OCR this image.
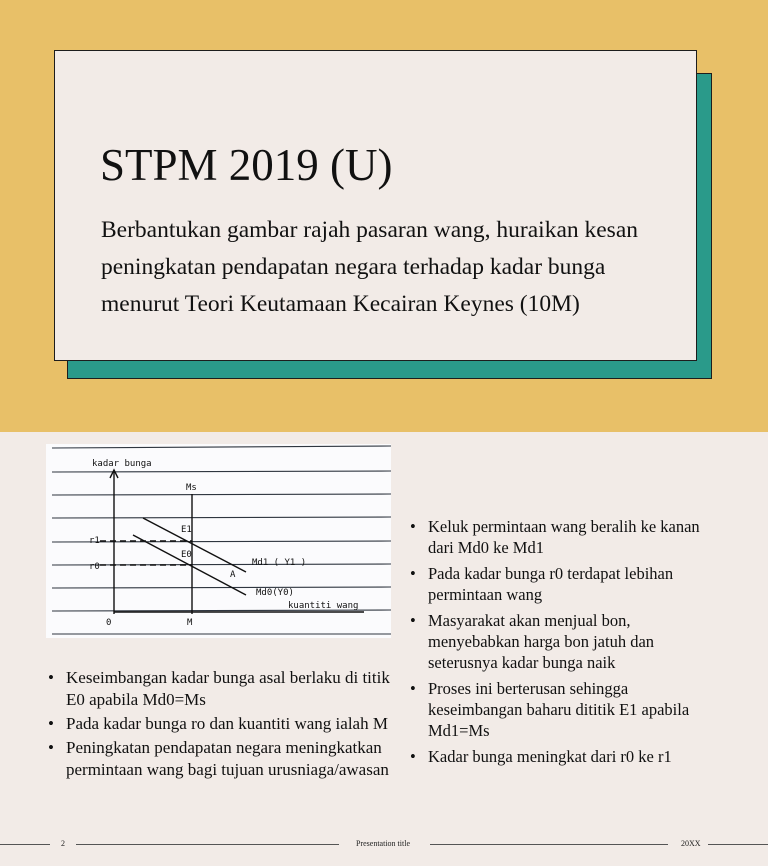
STPM 2019 (U)
Berbantukan gambar rajah pasaran wang, huraikan kesan peningkatan pendapatan negara terhadap kadar bunga menurut Teori Keutamaan Kecairan Keynes (10M)
kadar bunga
Ms
E1
E0
A
Md1 ( Y1 )
Md0(Y0)
kuantiti wang
r1
r0
0	M
• Keseimbangan kadar bunga asal berlaku di titik E0 apabila Md0=Ms
• Pada kadar bunga ro dan kuantiti wang ialah M
• Peningkatan pendapatan negara meningkatkan permintaan wang bagi tujuan urusniaga/awasan
• Keluk permintaan wang beralih ke kanan dari Md0 ke Md1
• Pada kadar bunga r0 terdapat lebihan permintaan wang
• Masyarakat akan menjual bon, menyebabkan harga bon jatuh dan seterusnya kadar bunga naik
• Proses ini berterusan sehingga keseimbangan baharu dititik E1 apabila Md1=Ms
• Kadar bunga meningkat dari r0 ke r1
2	Presentation title	20XX
